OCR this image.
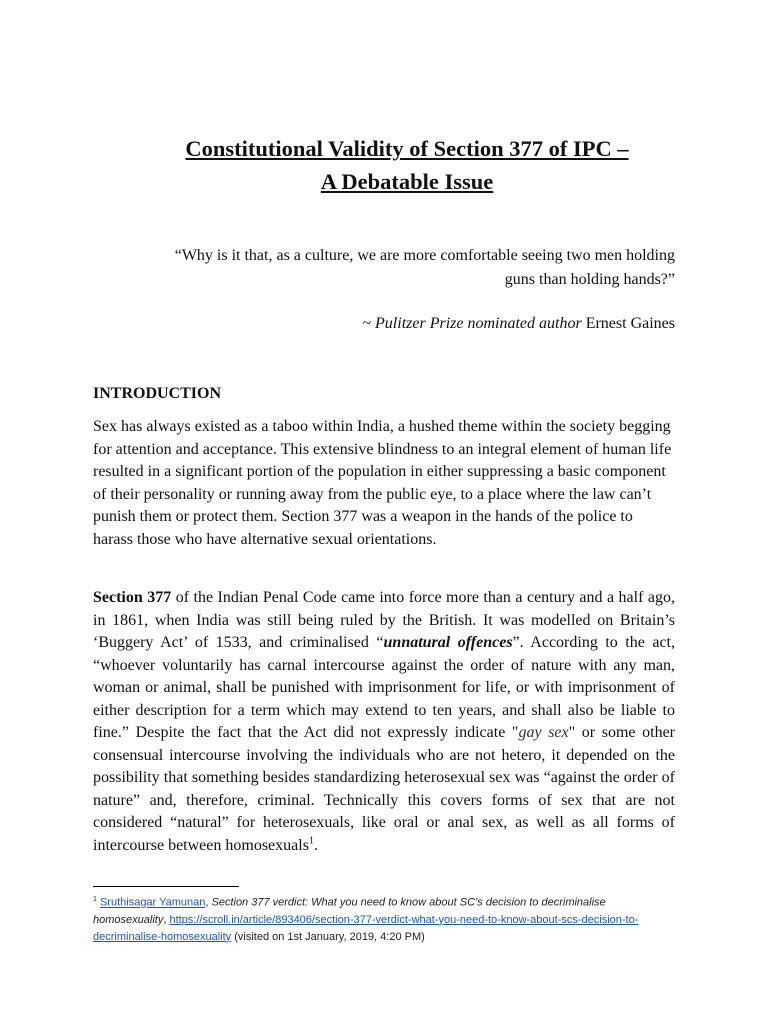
Constitutional Validity of Section 377 of IPC –
A Debatable Issue
“Why is it that, as a culture, we are more comfortable seeing two men holding
guns than holding hands?”
~ Pulitzer Prize nominated author Ernest Gaines
INTRODUCTION

Sex has always existed as a taboo within India, a hushed theme within the society begging for attention and acceptance. This extensive blindness to an integral element of human life resulted in a significant portion of the population in either suppressing a basic component of their personality or running away from the public eye, to a place where the law can’t punish them or protect them. Section 377 was a weapon in the hands of the police to harass those who have alternative sexual orientations.

Section 377 of the Indian Penal Code came into force more than a century and a half ago, in 1861, when India was still being ruled by the British. It was modelled on Britain’s ‘Buggery Act’ of 1533, and criminalised “unnatural offences”. According to the act, “whoever voluntarily has carnal intercourse against the order of nature with any man, woman or animal, shall be punished with imprisonment for life, or with imprisonment of either description for a term which may extend to ten years, and shall also be liable to fine.” Despite the fact that the Act did not expressly indicate "gay sex" or some other consensual intercourse involving the individuals who are not hetero, it depended on the possibility that something besides standardizing heterosexual sex was “against the order of nature” and, therefore, criminal. Technically this covers forms of sex that are not considered “natural” for heterosexuals, like oral or anal sex, as well as all forms of intercourse between homosexuals$^1$.

$^1$ Sruthisagar Yamunan, Section 377 verdict: What you need to know about SC’s decision to decriminalise homosexuality, https://scroll.in/article/893406/section-377-verdict-what-you-need-to-know-about-scs-decision-to-decriminalise-homosexuality (visited on 1st January, 2019, 4:20 PM)
